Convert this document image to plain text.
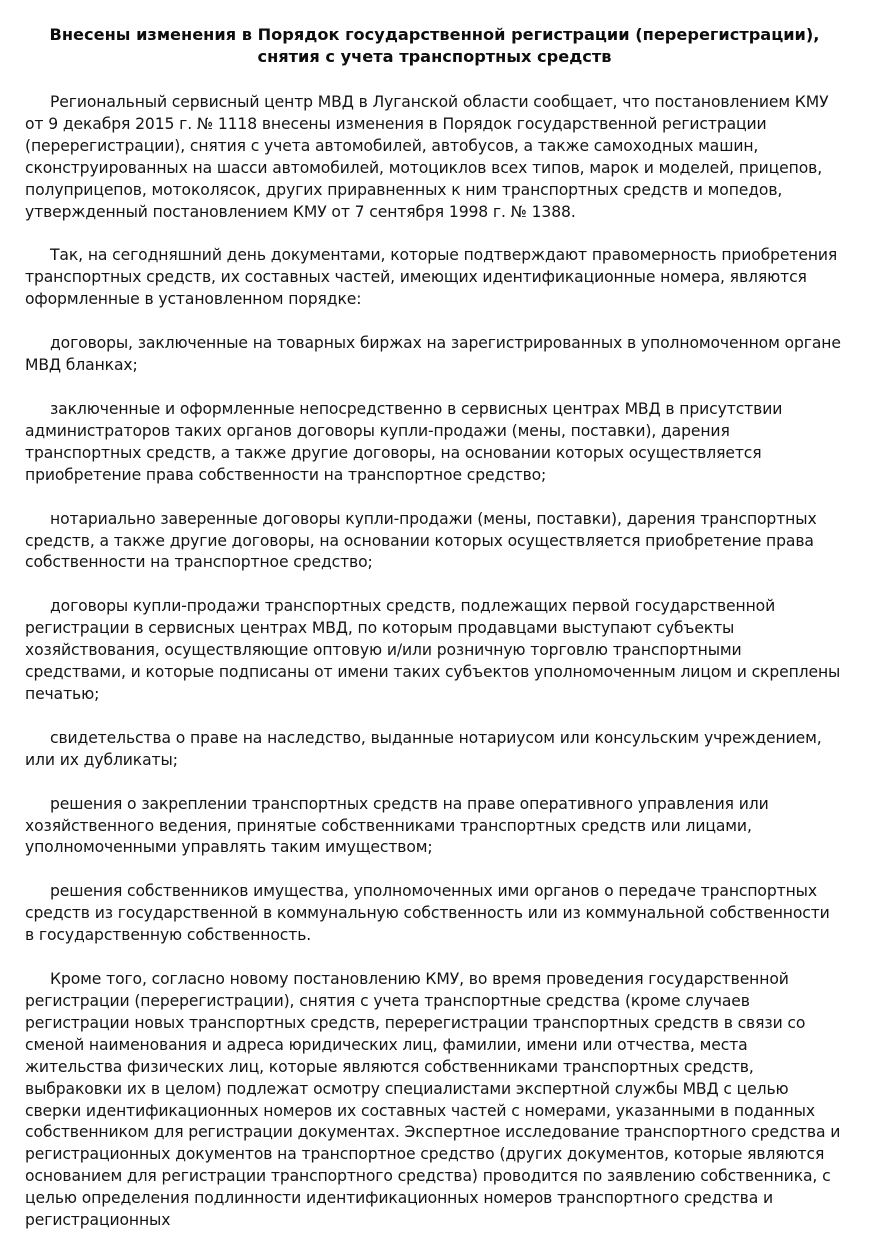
Внесены изменения в Порядок государственной регистрации (перерегистрации), снятия с учета транспортных средств

Региональный сервисный центр МВД в Луганской области сообщает, что постановлением КМУ от 9 декабря 2015 г. № 1118 внесены изменения в Порядок государственной регистрации (перерегистрации), снятия с учета автомобилей, автобусов, а также самоходных машин, сконструированных на шасси автомобилей, мотоциклов всех типов, марок и моделей, прицепов, полуприцепов, мотоколясок, других приравненных к ним транспортных средств и мопедов, утвержденный постановлением КМУ от 7 сентября 1998 г. № 1388.

Так, на сегодняшний день документами, которые подтверждают правомерность приобретения транспортных средств, их составных частей, имеющих идентификационные номера, являются оформленные в установленном порядке:

договоры, заключенные на товарных биржах на зарегистрированных в уполномоченном органе МВД бланках;

заключенные и оформленные непосредственно в сервисных центрах МВД в присутствии администраторов таких органов договоры купли-продажи (мены, поставки), дарения транспортных средств, а также другие договоры, на основании которых осуществляется приобретение права собственности на транспортное средство;

нотариально заверенные договоры купли-продажи (мены, поставки), дарения транспортных средств, а также другие договоры, на основании которых осуществляется приобретение права собственности на транспортное средство;

договоры купли-продажи транспортных средств, подлежащих первой государственной регистрации в сервисных центрах МВД, по которым продавцами выступают субъекты хозяйствования, осуществляющие оптовую и/или розничную торговлю транспортными средствами, и которые подписаны от имени таких субъектов уполномоченным лицом и скреплены печатью;

свидетельства о праве на наследство, выданные нотариусом или консульским учреждением, или их дубликаты;

решения о закреплении транспортных средств на праве оперативного управления или хозяйственного ведения, принятые собственниками транспортных средств или лицами, уполномоченными управлять таким имуществом;

решения собственников имущества, уполномоченных ими органов о передаче транспортных средств из государственной в коммунальную собственность или из коммунальной собственности в государственную собственность.

Кроме того, согласно новому постановлению КМУ, во время проведения государственной регистрации (перерегистрации), снятия с учета транспортные средства (кроме случаев регистрации новых транспортных средств, перерегистрации транспортных средств в связи со сменой наименования и адреса юридических лиц, фамилии, имени или отчества, места жительства физических лиц, которые являются собственниками транспортных средств, выбраковки их в целом) подлежат осмотру специалистами экспертной службы МВД с целью сверки идентификационных номеров их составных частей с номерами, указанными в поданных собственником для регистрации документах. Экспертное исследование транспортного средства и регистрационных документов на транспортное средство (других документов, которые являются основанием для регистрации транспортного средства) проводится по заявлению собственника, с целью определения подлинности идентификационных номеров транспортного средства и регистрационных
